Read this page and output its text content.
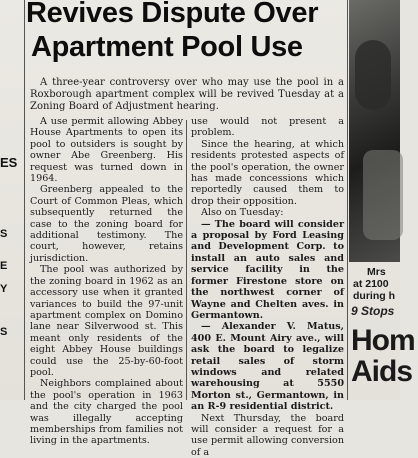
ES
S
E
Y
S
Revives Dispute Over
Apartment Pool Use
A three-year controversy over who may use the pool in a Roxborough apartment complex will be revived Tuesday at a Zoning Board of Adjustment hearing.

A use permit allowing Abbey House Apartments to open its pool to outsiders is sought by owner Abe Greenberg. His request was turned down in 1964.

Greenberg appealed to the Court of Common Pleas, which subsequently returned the case to the zoning board for additional testimony. The court, however, retains jurisdiction.

The pool was authorized by the zoning board in 1962 as an accessory use when it granted variances to build the 97-unit apartment complex on Domino lane near Silverwood st. This meant only residents of the eight Abbey House buildings could use the 25-by-60-foot pool.

Neighbors complained about the pool's operation in 1963 and the city charged the pool was illegally accepting memberships from families not living in the apartments.

use would not present a problem.

Since the hearing, at which residents protested aspects of the pool's operation, the owner has made concessions which reportedly caused them to drop their opposition.

Also on Tuesday:

— The board will consider a proposal by Ford Leasing and Development Corp. to install an auto sales and service facility in the former Firestone store on the northwest corner of Wayne and Chelten aves. in Germantown.

— Alexander V. Matus, 400 E. Mount Airy ave., will ask the board to legalize retail sales of storm windows and related warehousing at 5550 Morton st., Germantown, in an R-9 residential district.

Next Thursday, the board will consider a request for a use permit allowing conversion of a

Mrs
at 2100
during h
9 Stops
Hom
Aids
